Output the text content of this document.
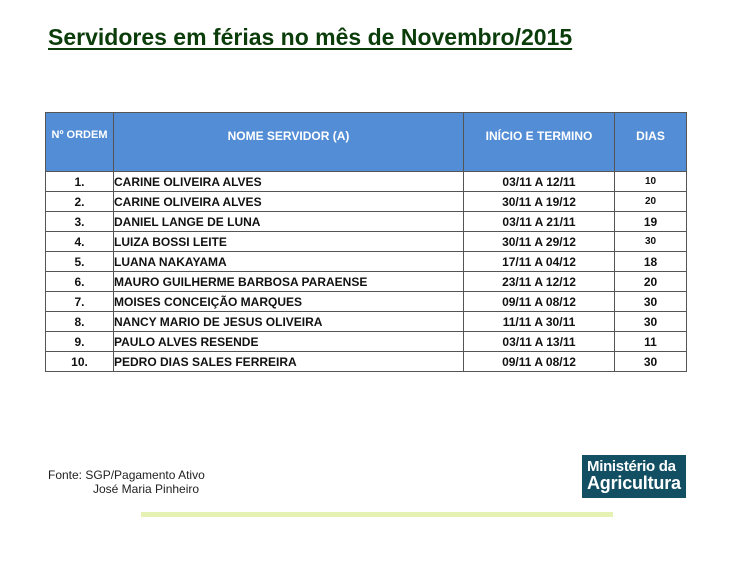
Servidores em férias no mês de Novembro/2015
Nº ORDEM	NOME SERVIDOR (A)	INÍCIO E TERMINO	DIAS
1.	CARINE OLIVEIRA ALVES	03/11 A 12/11	10
2.	CARINE OLIVEIRA ALVES	30/11 A 19/12	20
3.	DANIEL LANGE DE LUNA	03/11 A 21/11	19
4.	LUIZA BOSSI LEITE	30/11 A 29/12	30
5.	LUANA NAKAYAMA	17/11 A 04/12	18
6.	MAURO GUILHERME BARBOSA PARAENSE	23/11 A 12/12	20
7.	MOISES CONCEIÇÃO MARQUES	09/11 A 08/12	30
8.	NANCY MARIO DE JESUS OLIVEIRA	11/11 A 30/11	30
9.	PAULO ALVES RESENDE	03/11 A 13/11	11
10.	PEDRO DIAS SALES FERREIRA	09/11 A 08/12	30
Fonte: SGP/Pagamento Ativo
José Maria Pinheiro
Ministério da
Agricultura
